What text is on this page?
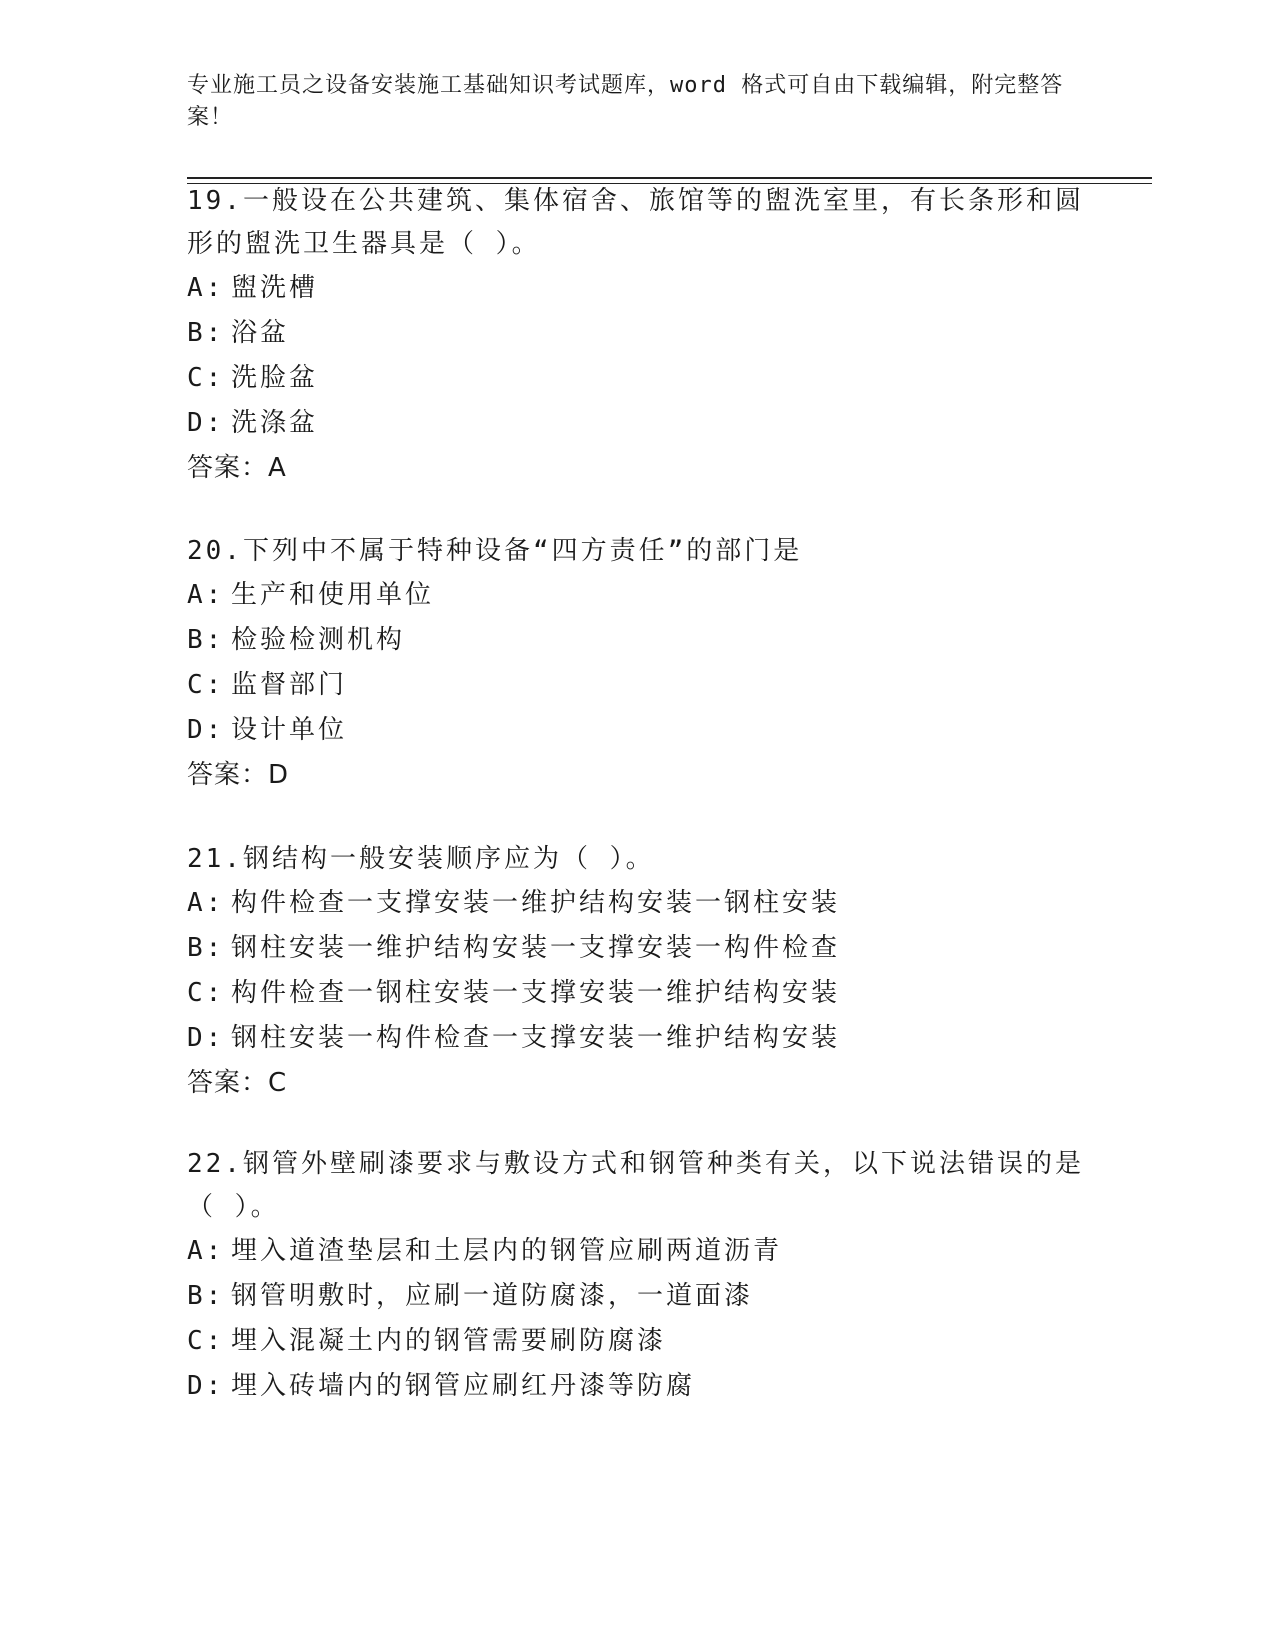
专业施工员之设备安装施工基础知识考试题库，word 格式可自由下载编辑，附完整答案！
19.一般设在公共建筑、集体宿舍、旅馆等的盥洗室里，有长条形和圆形的盥洗卫生器具是（ ）。
A: 盥洗槽
B: 浴盆
C: 洗脸盆
D: 洗涤盆
答案：A
20.下列中不属于特种设备“四方责任”的部门是
A: 生产和使用单位
B: 检验检测机构
C: 监督部门
D: 设计单位
答案：D
21.钢结构一般安装顺序应为（ ）。
A: 构件检查一支撑安装一维护结构安装一钢柱安装
B: 钢柱安装一维护结构安装一支撑安装一构件检查
C: 构件检查一钢柱安装一支撑安装一维护结构安装
D: 钢柱安装一构件检查一支撑安装一维护结构安装
答案：C
22.钢管外壁刷漆要求与敷设方式和钢管种类有关，以下说法错误的是（ ）。
A: 埋入道渣垫层和土层内的钢管应刷两道沥青
B: 钢管明敷时，应刷一道防腐漆，一道面漆
C: 埋入混凝土内的钢管需要刷防腐漆
D: 埋入砖墙内的钢管应刷红丹漆等防腐
